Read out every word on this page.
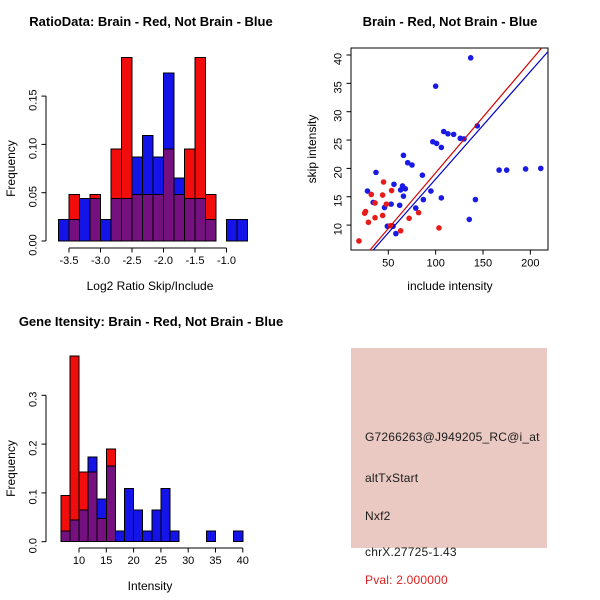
-3.5 -3.0 -2.5 -2.0 -1.5 -1.0
0.00
0.05
0.10
0.15
Frequency
Log2 Ratio Skip/Include
RatioData: Brain - Red, Not Brain - Blue
50	100	150	200
10
15
20
25
30
35
40
include intensity
skip intensity
Brain - Red, Not Brain - Blue
10 15 20 25 30 35 40
0.0
0.1
0.2
0.3
Frequency
Intensity
Gene Itensity: Brain - Red, Not Brain - Blue
G7266263@J949205_RC@i_at
altTxStart
Nxf2
chrX.27725-1.43
Pval: 2.000000
